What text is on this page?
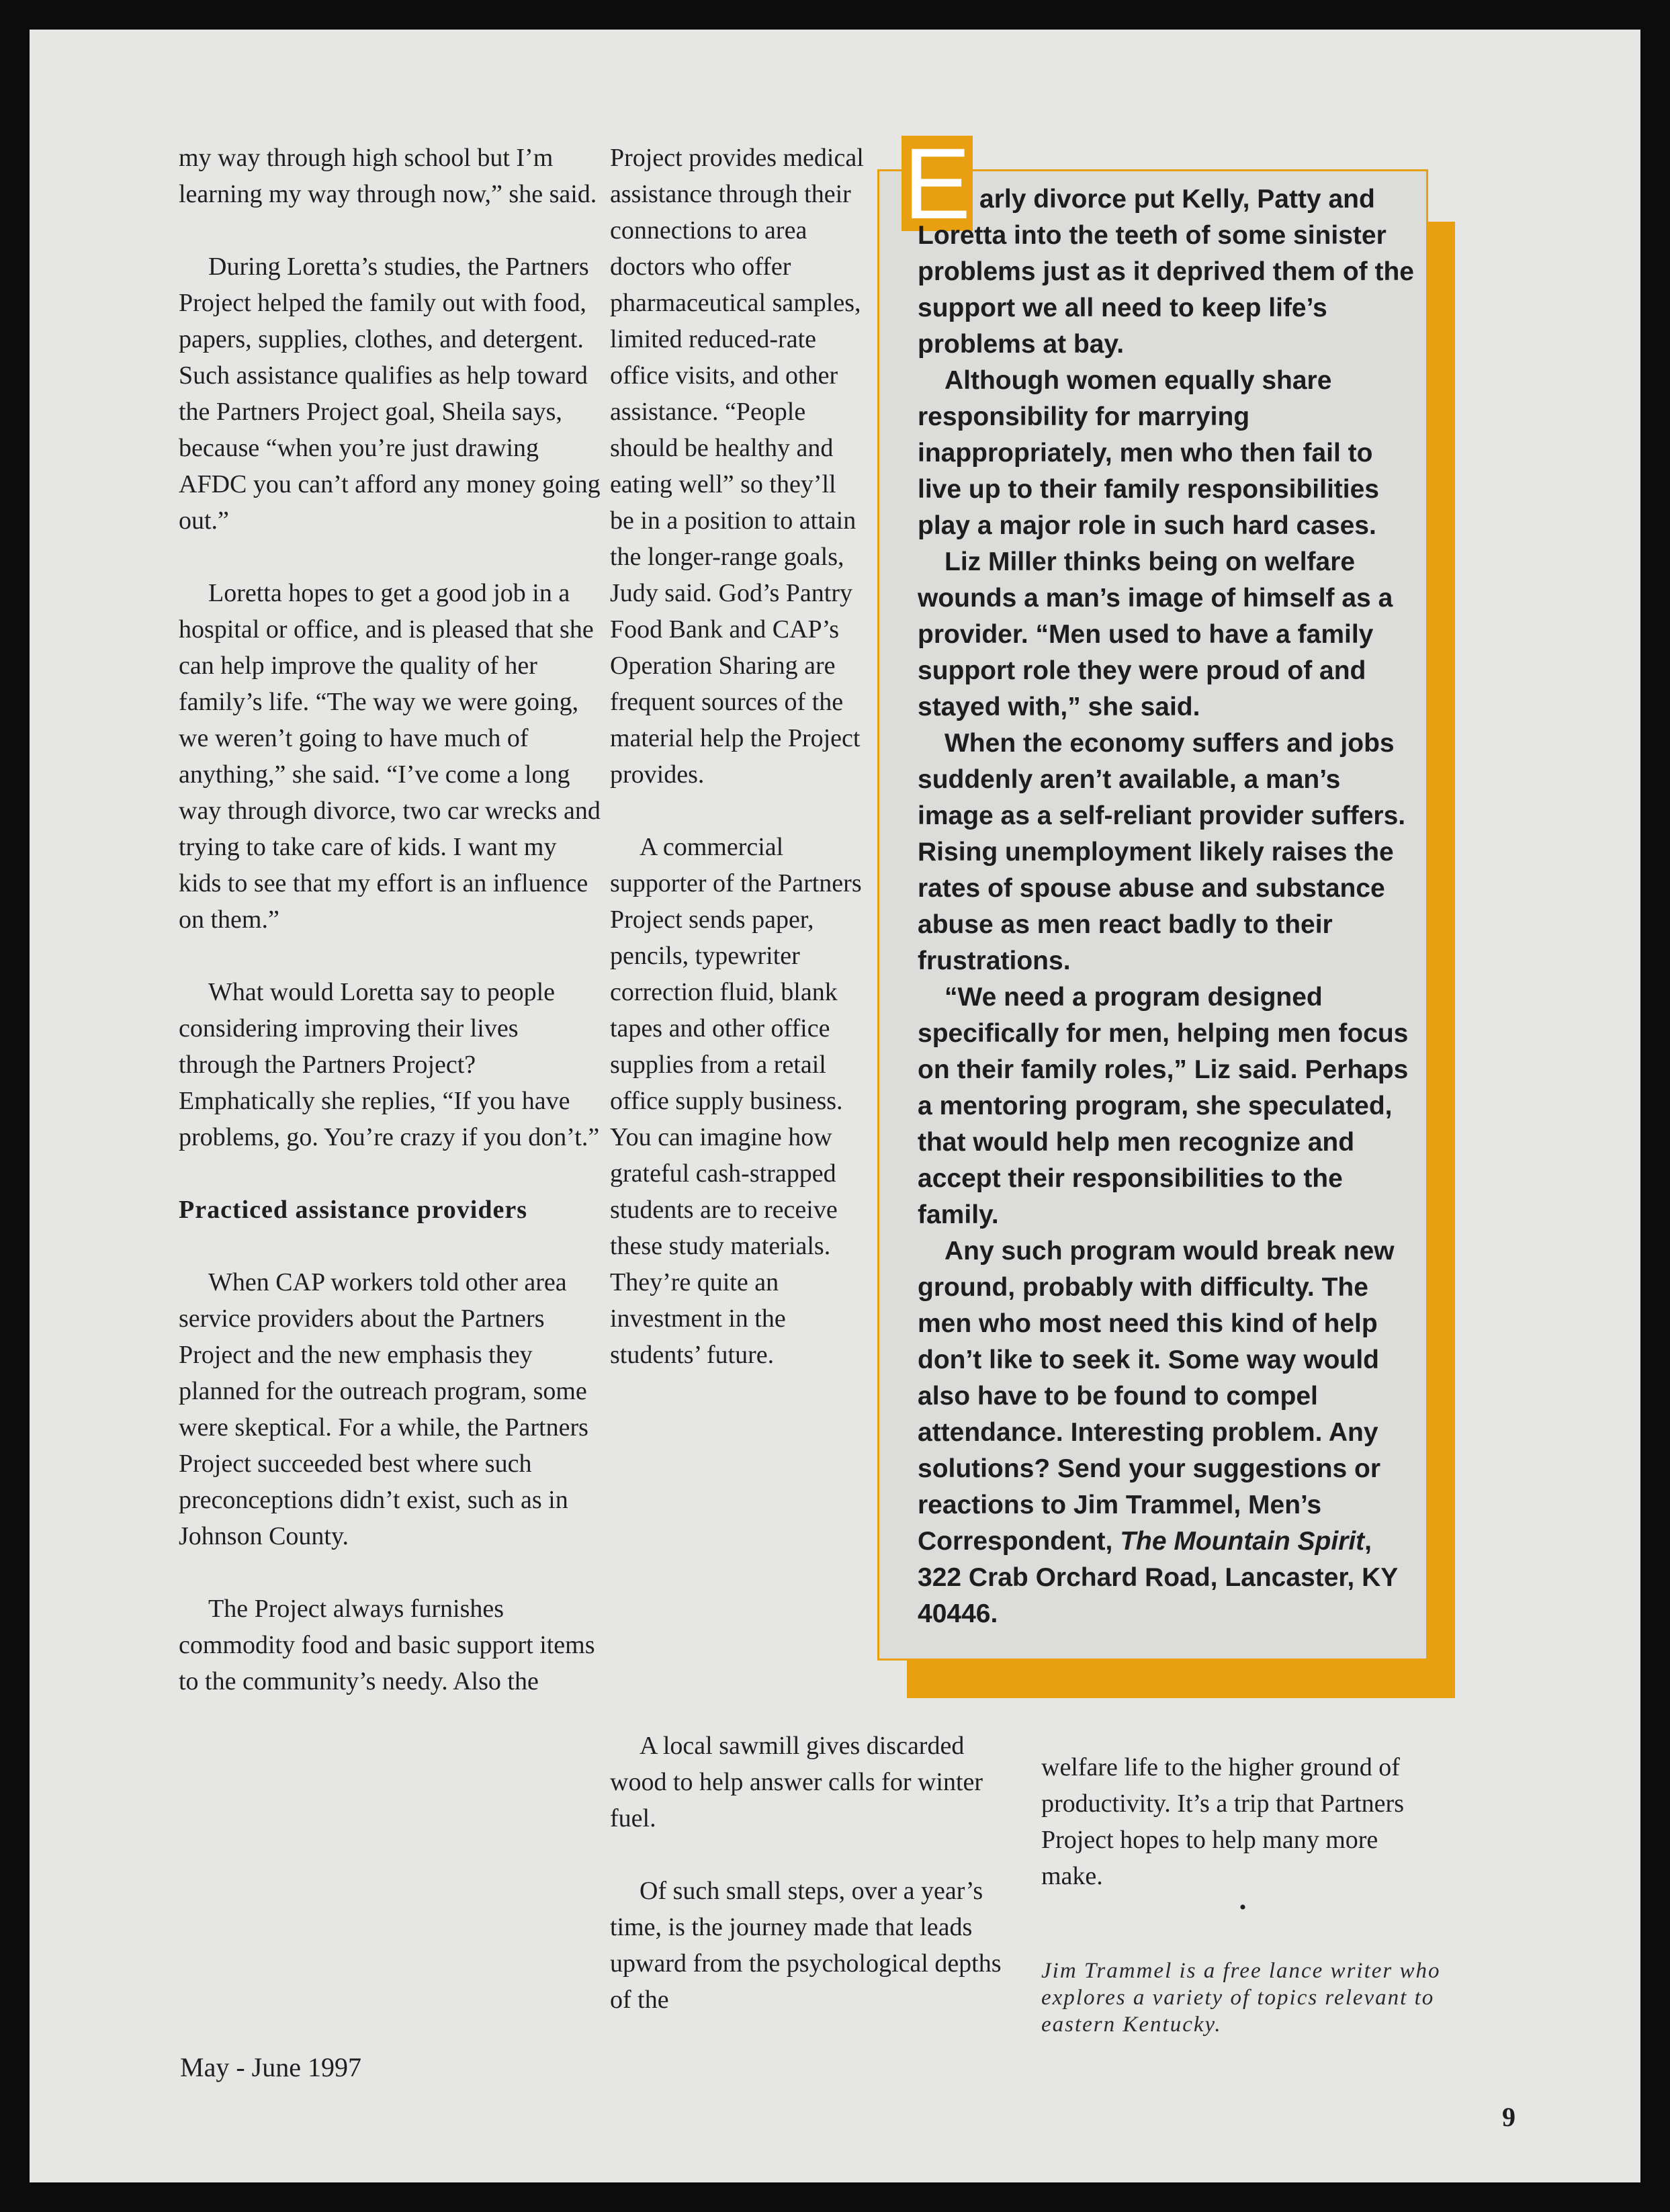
my way through high school but I’m learning my way through now,” she said.

During Loretta’s studies, the Partners Project helped the family out with food, papers, supplies, clothes, and detergent. Such assistance qualifies as help toward the Partners Project goal, Sheila says, because “when you’re just drawing AFDC you can’t afford any money going out.”

Loretta hopes to get a good job in a hospital or office, and is pleased that she can help improve the quality of her family’s life. “The way we were going, we weren’t going to have much of anything,” she said. “I’ve come a long way through divorce, two car wrecks and trying to take care of kids. I want my kids to see that my effort is an influence on them.”

What would Loretta say to people considering improving their lives through the Partners Project? Emphatically she replies, “If you have problems, go. You’re crazy if you don’t.”

Practiced assistance providers

When CAP workers told other area service providers about the Partners Project and the new emphasis they planned for the outreach program, some were skeptical. For a while, the Partners Project succeeded best where such preconceptions didn’t exist, such as in Johnson County.

The Project always furnishes commodity food and basic support items to the community’s needy. Also the

Project provides medical assistance through their connections to area doctors who offer pharmaceutical samples, limited reduced-rate office visits, and other assistance. “People should be healthy and eating well” so they’ll be in a position to attain the longer-range goals, Judy said. God’s Pantry Food Bank and CAP’s Operation Sharing are frequent sources of the material help the Project provides.

A commercial supporter of the Partners Project sends paper, pencils, typewriter correction fluid, blank tapes and other office supplies from a retail office supply business. You can imagine how grateful cash-strapped students are to receive these study materials. They’re quite an investment in the students’ future.

A local sawmill gives discarded wood to help answer calls for winter fuel.

Of such small steps, over a year’s time, is the journey made that leads upward from the psychological depths of the

welfare life to the higher ground of productivity. It’s a trip that Partners Project hopes to help many more make.

•

Jim Trammel is a free lance writer who explores a variety of topics relevant to eastern Kentucky.

E arly divorce put Kelly, Patty and
Loretta into the teeth of some sinister problems just as it deprived them of the support we all need to keep life’s problems at bay.

Although women equally share responsibility for marrying inappropriately, men who then fail to live up to their family responsibilities play a major role in such hard cases.

Liz Miller thinks being on welfare wounds a man’s image of himself as a provider. “Men used to have a family support role they were proud of and stayed with,” she said.

When the economy suffers and jobs suddenly aren’t available, a man’s image as a self-reliant provider suffers. Rising unemployment likely raises the rates of spouse abuse and substance abuse as men react badly to their frustrations.

“We need a program designed specifically for men, helping men focus on their family roles,” Liz said. Perhaps a mentoring program, she speculated, that would help men recognize and accept their responsibilities to the family.

Any such program would break new ground, probably with difficulty. The men who most need this kind of help don’t like to seek it. Some way would also have to be found to compel attendance. Interesting problem. Any solutions? Send your suggestions or reactions to Jim Trammel, Men’s Correspondent, The Mountain Spirit, 322 Crab Orchard Road, Lancaster, KY 40446.

May - June 1997
9
